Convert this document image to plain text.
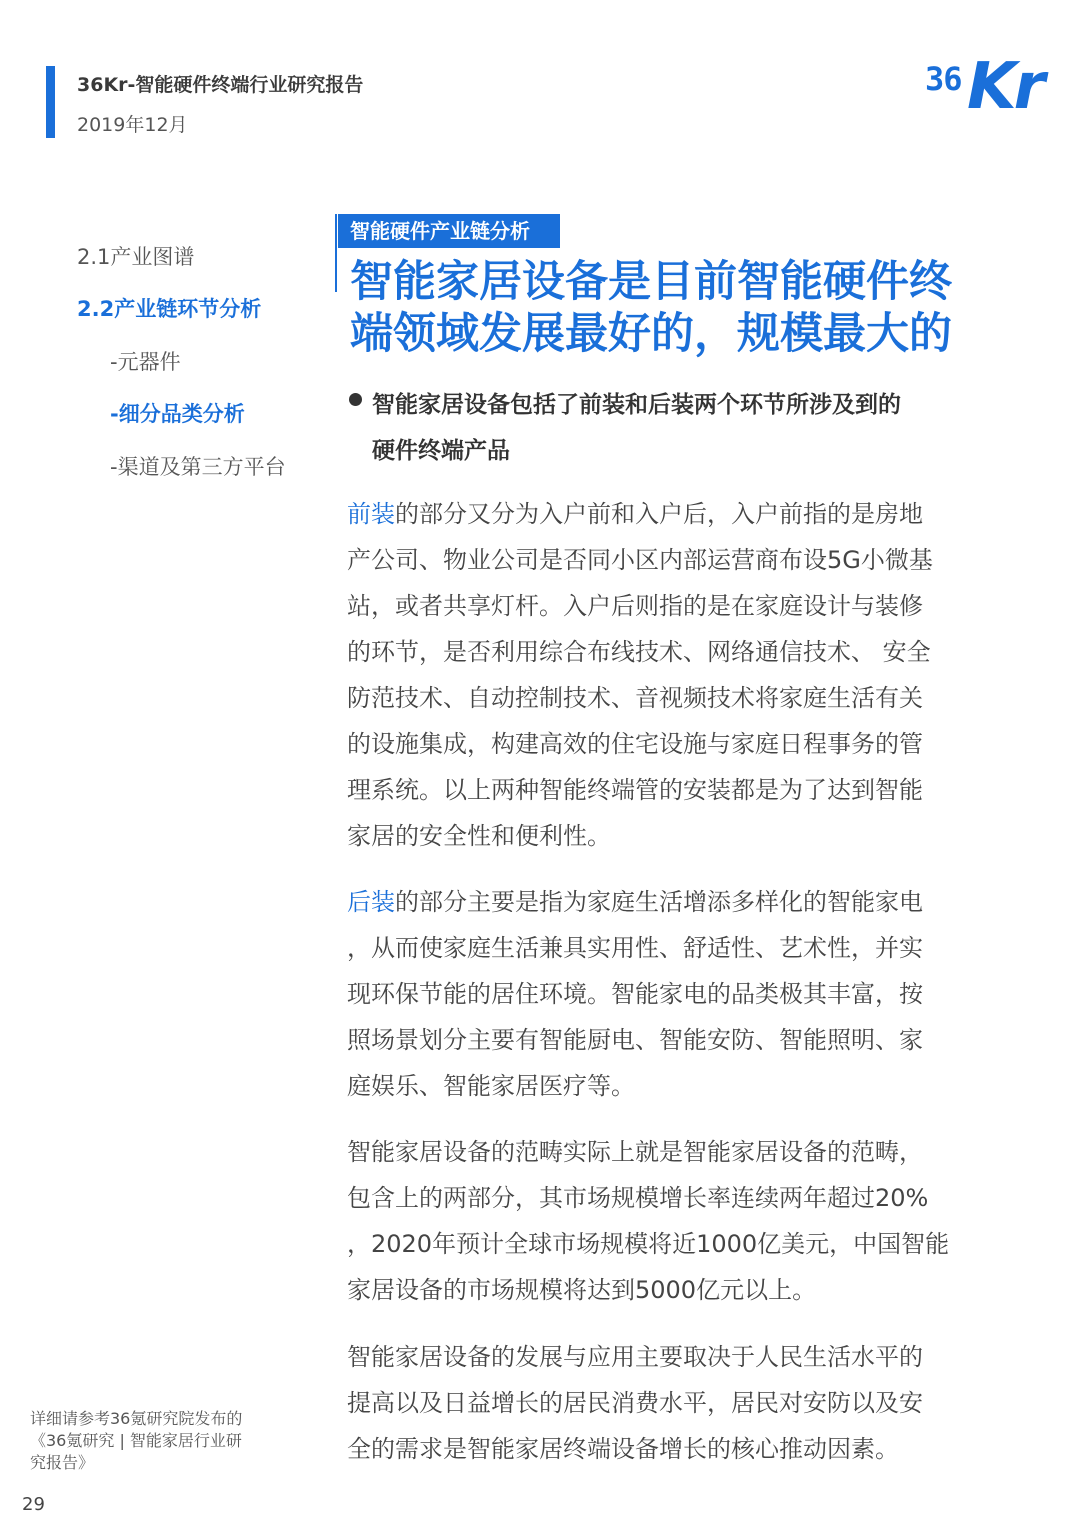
36Kr-智能硬件终端行业研究报告
2019年12月
36 Kr
2.1产业图谱
2.2产业链环节分析
-元器件
-细分品类分析
-渠道及第三方平台
智能硬件产业链分析
智能家居设备是目前智能硬件终
端领域发展最好的，规模最大的
智能家居设备包括了前装和后装两个环节所涉及到的
硬件终端产品
前装的部分又分为入户前和入户后，入户前指的是房地
产公司、物业公司是否同小区内部运营商布设5G小微基
站，或者共享灯杆。入户后则指的是在家庭设计与装修
的环节，是否利用综合布线技术、网络通信技术、 安全
防范技术、自动控制技术、音视频技术将家庭生活有关
的设施集成，构建高效的住宅设施与家庭日程事务的管
理系统。以上两种智能终端管的安装都是为了达到智能
家居的安全性和便利性。
后装的部分主要是指为家庭生活增添多样化的智能家电
，从而使家庭生活兼具实用性、舒适性、艺术性，并实
现环保节能的居住环境。智能家电的品类极其丰富，按
照场景划分主要有智能厨电、智能安防、智能照明、家
庭娱乐、智能家居医疗等。
智能家居设备的范畴实际上就是智能家居设备的范畴，
包含上的两部分，其市场规模增长率连续两年超过20%
，2020年预计全球市场规模将近1000亿美元，中国智能
家居设备的市场规模将达到5000亿元以上。
智能家居设备的发展与应用主要取决于人民生活水平的
提高以及日益增长的居民消费水平，居民对安防以及安
全的需求是智能家居终端设备增长的核心推动因素。
详细请参考36氪研究院发布的
《36氪研究 | 智能家居行业研
究报告》
29
